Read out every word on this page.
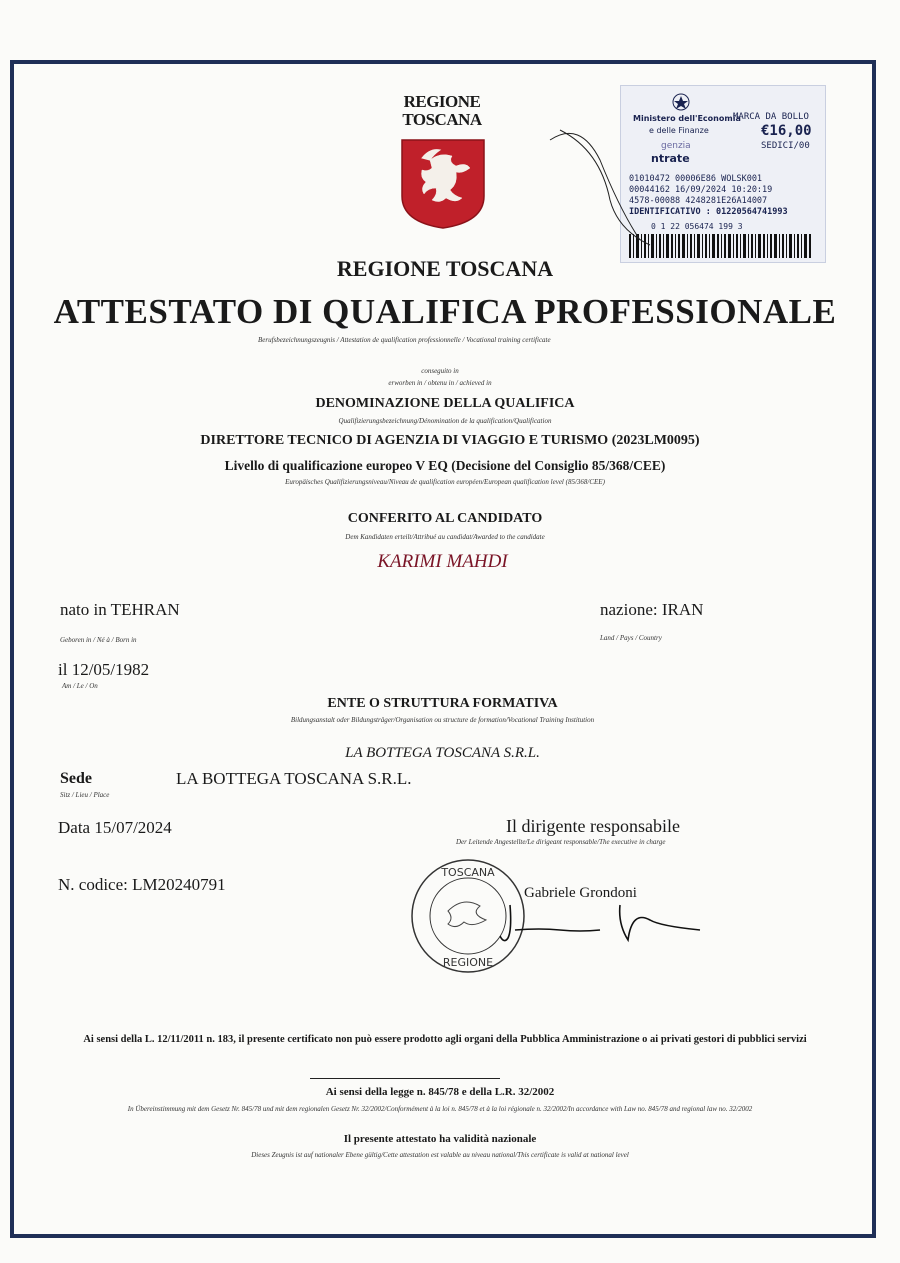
REGIONE
TOSCANA	Ministero dell'Economia
e delle Finanze
MARCA DA BOLLO
€16,00
SEDICI/00
genzia
ntrate
01010472 00006E86 WOLSK001
00044162 16/09/2024 10:20:19
4578-00088 4248281E26A14007
IDENTIFICATIVO : 01220564741993
0 1 22 056474 199 3
REGIONE TOSCANA
ATTESTATO DI QUALIFICA PROFESSIONALE
Berufsbezeichnungszeugnis / Attestation de qualification professionnelle / Vocational training certificate
conseguito in
erworben in / obtenu in / achieved in
DENOMINAZIONE DELLA QUALIFICA
Qualifizierungsbezeichnung/Dénomination de la qualification/Qualification
DIRETTORE TECNICO DI AGENZIA DI VIAGGIO E TURISMO (2023LM0095)
Livello di qualificazione europeo V EQ (Decisione del Consiglio 85/368/CEE)
Europäisches Qualifizierungsniveau/Niveau de qualification européen/European qualification level (85/368/CEE)
CONFERITO AL CANDIDATO
Dem Kandidaten erteilt/Attribué au candidat/Awarded to the candidate
KARIMI MAHDI
nato in TEHRAN
Geboren in / Né à / Born in
nazione: IRAN
Land / Pays / Country
il 12/05/1982
Am / Le / On
ENTE O STRUTTURA FORMATIVA
Bildungsanstalt oder Bildungsträger/Organisation ou structure de formation/Vocational Training Institution
LA BOTTEGA TOSCANA S.R.L.
Sede
Sitz / Lieu / Place
LA BOTTEGA TOSCANA S.R.L.
Data 15/07/2024	Il dirigente responsabile
Der Leitende Angestellte/Le dirigeant responsable/The executive in charge
N. codice: LM20240791
TOSCANA
REGIONE
Gabriele Grondoni
Ai sensi della L. 12/11/2011 n. 183, il presente certificato non può essere prodotto agli organi della Pubblica Amministrazione o ai privati gestori di pubblici servizi
Ai sensi della legge n. 845/78 e della L.R. 32/2002
In Übereinstimmung mit dem Gesetz Nr. 845/78 und mit dem regionalen Gesetz Nr. 32/2002/Conformément à la loi n. 845/78 et à la loi régionale n. 32/2002/In accordance with Law no. 845/78 and regional law no. 32/2002
Il presente attestato ha validità nazionale
Dieses Zeugnis ist auf nationaler Ebene gültig/Cette attestation est valable au niveau national/This certificate is valid at national level
